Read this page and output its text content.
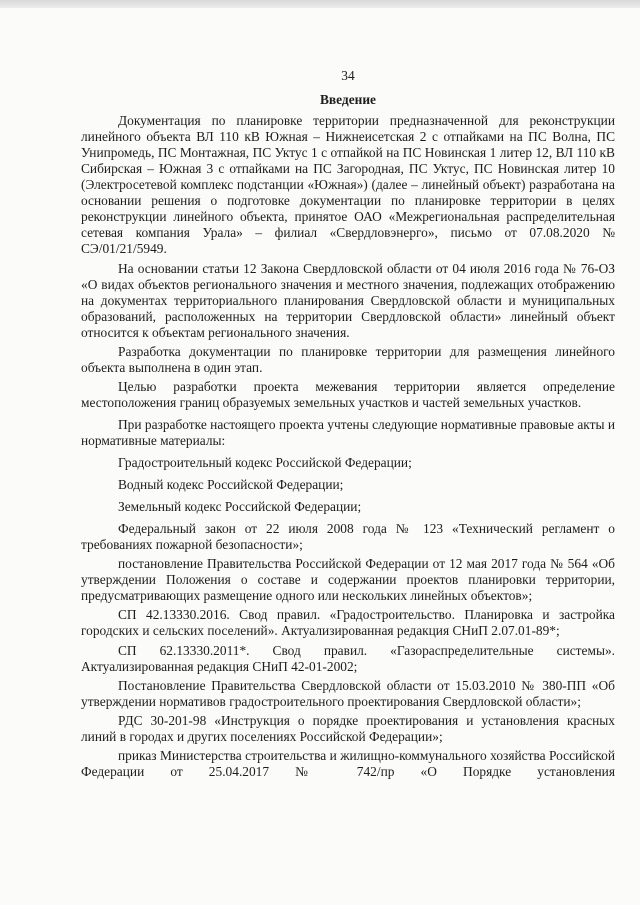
34
Введение
Документация по планировке территории предназначенной для реконструкции линейного объекта ВЛ 110 кВ Южная – Нижнеисетская 2 с отпайками на ПС Волна, ПС Унипромедь, ПС Монтажная, ПС Уктус 1 с отпайкой на ПС Новинская 1 литер 12, ВЛ 110 кВ Сибирская – Южная 3 с отпайками на ПС Загородная, ПС Уктус, ПС Новинская литер 10 (Электросетевой комплекс подстанции «Южная») (далее – линейный объект) разработана на основании решения о подготовке документации по планировке территории в целях реконструкции линейного объекта, принятое ОАО «Межрегиональная распределительная сетевая компания Урала» – филиал «Свердловэнерго», письмо от 07.08.2020 № СЭ/01/21/5949.
На основании статьи 12 Закона Свердловской области от 04 июля 2016 года № 76-ОЗ «О видах объектов регионального значения и местного значения, подлежащих отображению на документах территориального планирования Свердловской области и муниципальных образований, расположенных на территории Свердловской области» линейный объект относится к объектам регионального значения.
Разработка документации по планировке территории для размещения линейного объекта выполнена в один этап.
Целью разработки проекта межевания территории является определение местоположения границ образуемых земельных участков и частей земельных участков.
При разработке настоящего проекта учтены следующие нормативные правовые акты и нормативные материалы:
Градостроительный кодекс Российской Федерации;
Водный кодекс Российской Федерации;
Земельный кодекс Российской Федерации;
Федеральный закон от 22 июля 2008 года № 123 «Технический регламент о требованиях пожарной безопасности»;
постановление Правительства Российской Федерации от 12 мая 2017 года № 564 «Об утверждении Положения о составе и содержании проектов планировки территории, предусматривающих размещение одного или нескольких линейных объектов»;
СП 42.13330.2016. Свод правил. «Градостроительство. Планировка и застройка городских и сельских поселений». Актуализированная редакция СНиП 2.07.01-89*;
СП 62.13330.2011*. Свод правил. «Газораспределительные системы». Актуализированная редакция СНиП 42-01-2002;
Постановление Правительства Свердловской области от 15.03.2010 № 380-ПП «Об утверждении нормативов градостроительного проектирования Свердловской области»;
РДС 30-201-98 «Инструкция о порядке проектирования и установления красных линий в городах и других поселениях Российской Федерации»;
приказ Министерства строительства и жилищно-коммунального хозяйства Российской Федерации от 25.04.2017 № 742/пр «О Порядке установления
